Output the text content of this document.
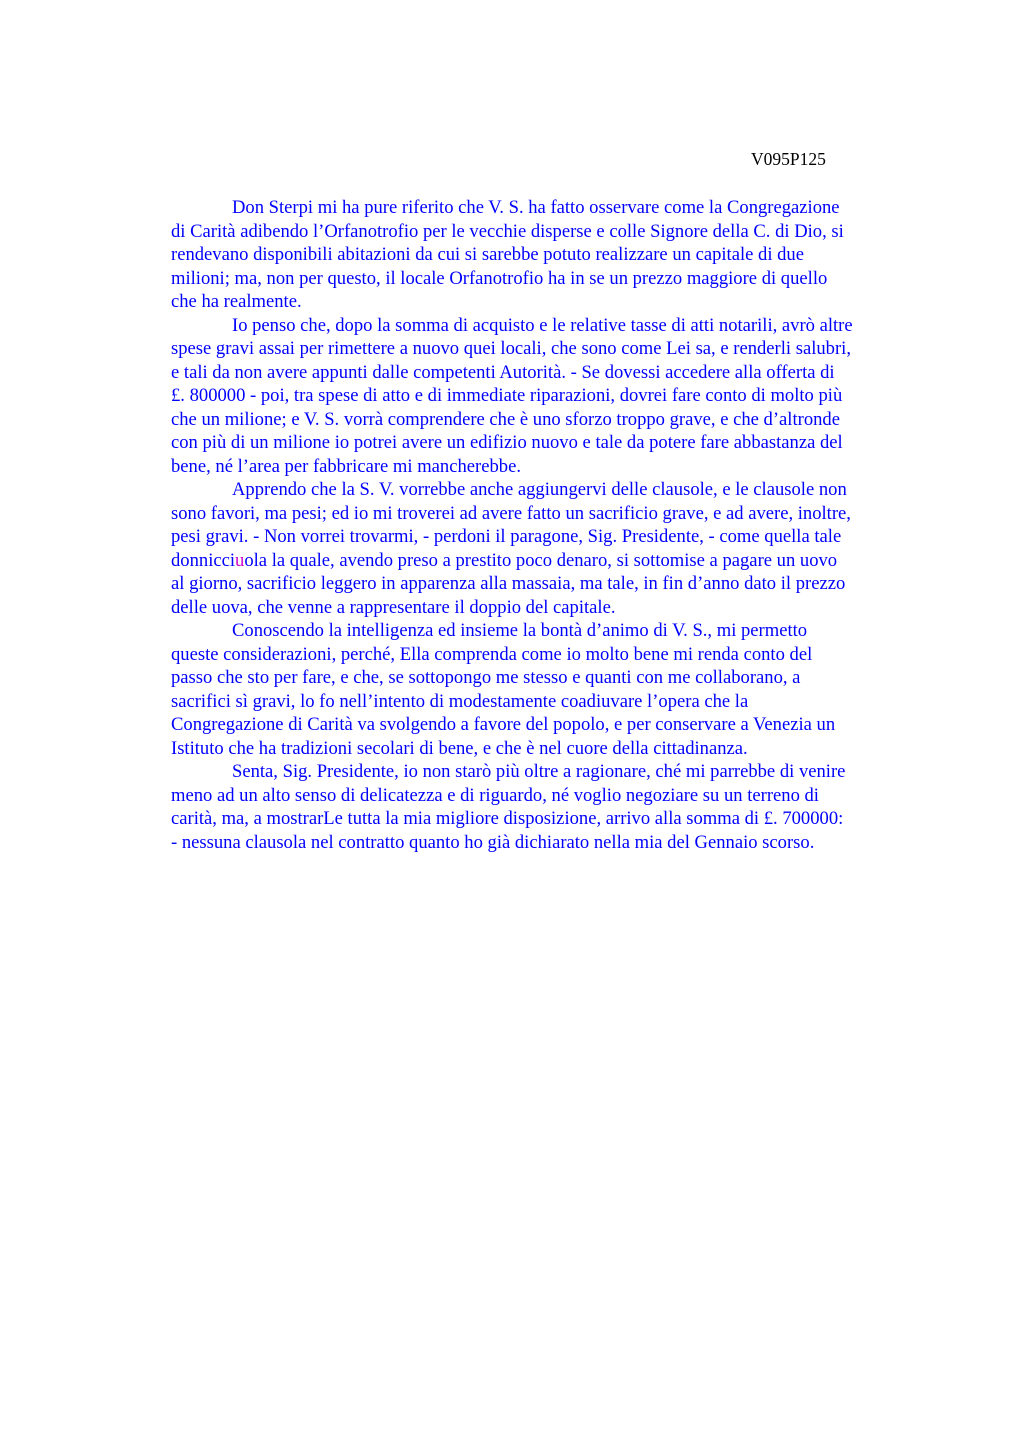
V095P125
Don Sterpi mi ha pure riferito che V. S. ha fatto osservare come la Congregazione
di Carità adibendo l’Orfanotrofio per le vecchie disperse e colle Signore della C. di Dio, si
rendevano disponibili abitazioni da cui si sarebbe potuto realizzare un capitale di due
milioni; ma, non per questo, il locale Orfanotrofio ha in se un prezzo maggiore di quello
che ha realmente.
Io penso che, dopo la somma di acquisto e le relative tasse di atti notarili, avrò altre
spese gravi assai per rimettere a nuovo quei locali, che sono come Lei sa, e renderli salubri,
e tali da non avere appunti dalle competenti Autorità. - Se dovessi accedere alla offerta di
£. 800000 - poi, tra spese di atto e di immediate riparazioni, dovrei fare conto di molto più
che un milione; e V. S. vorrà comprendere che è uno sforzo troppo grave, e che d’altronde
con più di un milione io potrei avere un edifizio nuovo e tale da potere fare abbastanza del
bene, né l’area per fabbricare mi mancherebbe.
Apprendo che la S. V. vorrebbe anche aggiungervi delle clausole, e le clausole non
sono favori, ma pesi; ed io mi troverei ad avere fatto un sacrificio grave, e ad avere, inoltre,
pesi gravi. - Non vorrei trovarmi, - perdoni il paragone, Sig. Presidente, - come quella tale
donnicciuola la quale, avendo preso a prestito poco denaro, si sottomise a pagare un uovo
al giorno, sacrificio leggero in apparenza alla massaia, ma tale, in fin d’anno dato il prezzo
delle uova, che venne a rappresentare il doppio del capitale.
Conoscendo la intelligenza ed insieme la bontà d’animo di V. S., mi permetto
queste considerazioni, perché, Ella comprenda come io molto bene mi renda conto del
passo che sto per fare, e che, se sottopongo me stesso e quanti con me collaborano, a
sacrifici sì gravi, lo fo nell’intento di modestamente coadiuvare l’opera che la
Congregazione di Carità va svolgendo a favore del popolo, e per conservare a Venezia un
Istituto che ha tradizioni secolari di bene, e che è nel cuore della cittadinanza.
Senta, Sig. Presidente, io non starò più oltre a ragionare, ché mi parrebbe di venire
meno ad un alto senso di delicatezza e di riguardo, né voglio negoziare su un terreno di
carità, ma, a mostrarLe tutta la mia migliore disposizione, arrivo alla somma di £. 700000:
- nessuna clausola nel contratto quanto ho già dichiarato nella mia del Gennaio scorso.
